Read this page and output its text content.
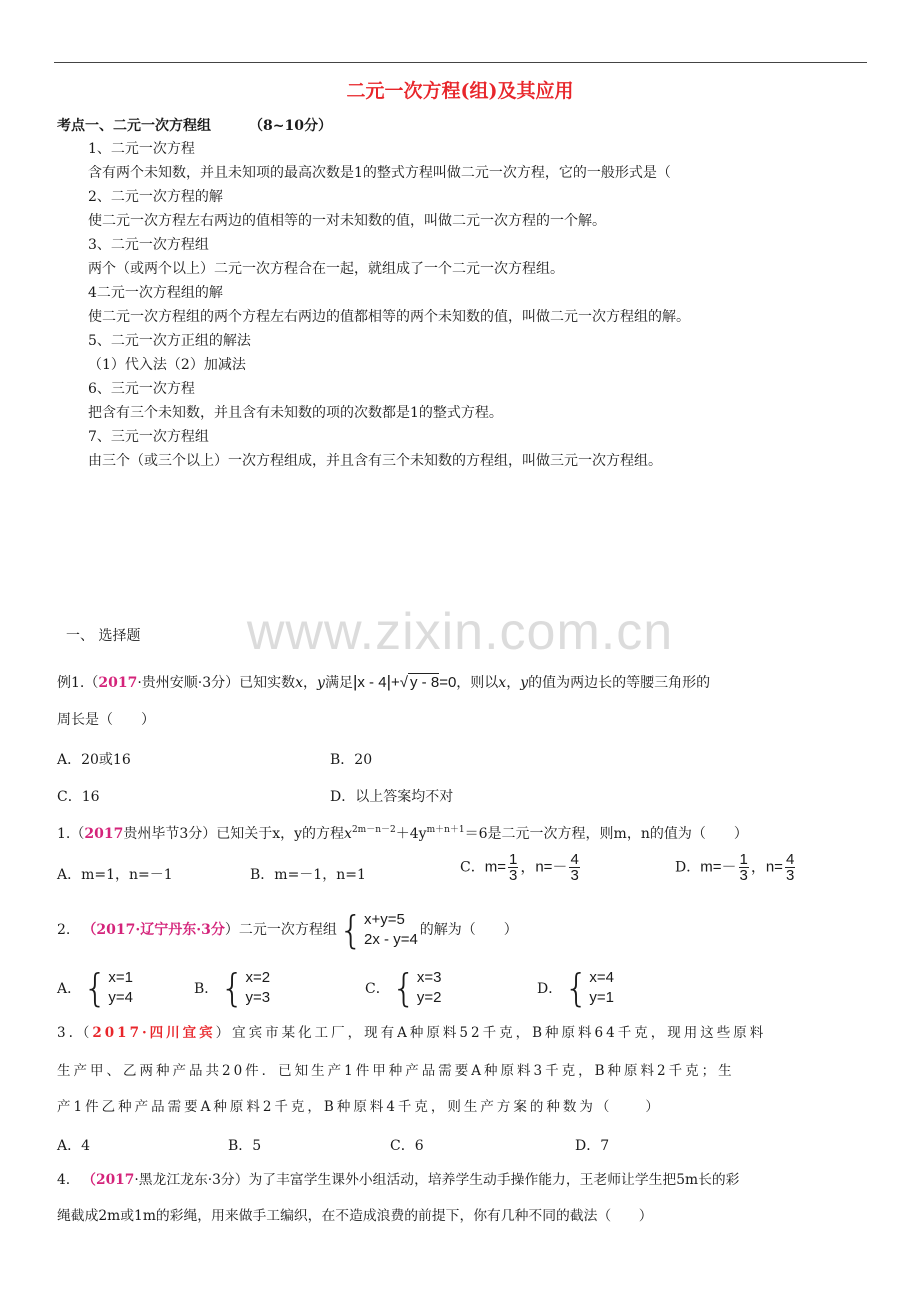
二元一次方程(组)及其应用
考点一、二元一次方程组	（8~10分）
1、二元一次方程
含有两个未知数，并且未知项的最高次数是1的整式方程叫做二元一次方程，它的一般形式是（
2、二元一次方程的解
使二元一次方程左右两边的值相等的一对未知数的值，叫做二元一次方程的一个解。
3、二元一次方程组
两个（或两个以上）二元一次方程合在一起，就组成了一个二元一次方程组。
4二元一次方程组的解
使二元一次方程组的两个方程左右两边的值都相等的两个未知数的值，叫做二元一次方程组的解。
5、二元一次方正组的解法
（1）代入法（2）加减法
6、三元一次方程
把含有三个未知数，并且含有未知数的项的次数都是1的整式方程。
7、三元一次方程组
由三个（或三个以上）一次方程组成，并且含有三个未知数的方程组，叫做三元一次方程组。
www.zixin.com.cn
一、 选择题
例1.（2017·贵州安顺·3分）已知实数x，y满足|x - 4|+√ y - 8=0，则以x，y的值为两边长的等腰三角形的
周长是（　　）
A．20或16	B．20
C．16	D．以上答案均不对
1.（2017贵州毕节3分）已知关于x，y的方程$x^{2m-n-2}+4y^{m+n+1}=6$是二元一次方程，则m，n的值为（　　）
A．m=1，n=－1	B．m=－1，n=1	C．$m= \frac{1}{3}$ ，$n=- \frac{4}{3}$	D．$m=- \frac{1}{3}$ ，$n= \frac{4}{3}$
2. （2017·辽宁丹东·3分）二元一次方程组 { x+y=5
2x - y=4
的解为（　　）
A． { x=1
y=4	B． { x=2
y=3	C． { x=3
y=2	D． { x=4
y=1
3.（2017·四川宜宾）宜宾市某化工厂，现有A种原料52千克，B种原料64千克，现用这些原料
生产甲、乙两种产品共20件．已知生产1件甲种产品需要A种原料3千克，B种原料2千克；生
产1件乙种产品需要A种原料2千克，B种原料4千克，则生产方案的种数为（　　）
A．4	B．5	C．6	D．7
4. （2017·黑龙江龙东·3分）为了丰富学生课外小组活动，培养学生动手操作能力，王老师让学生把5m长的彩
绳截成2m或1m的彩绳，用来做手工编织，在不造成浪费的前提下，你有几种不同的截法（　　）
